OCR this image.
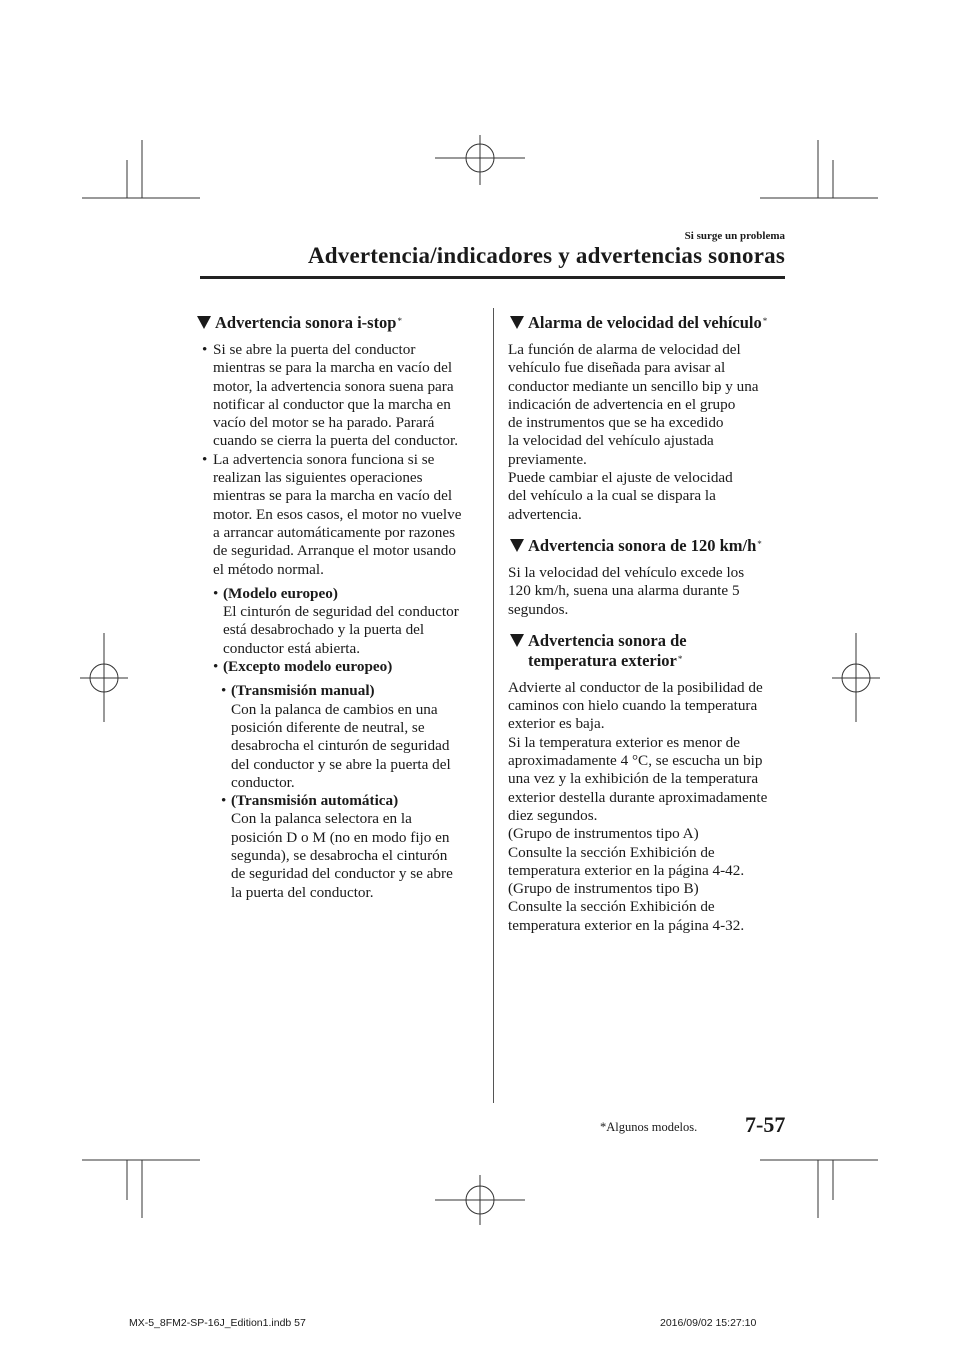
Si surge un problema
Advertencia/indicadores y advertencias sonoras
Advertencia sonora i-stop*
• Si se abre la puerta del conductor
mientras se para la marcha en vacío del
motor, la advertencia sonora suena para
notificar al conductor que la marcha en
vacío del motor se ha parado. Parará
cuando se cierra la puerta del conductor.
• La advertencia sonora funciona si se
realizan las siguientes operaciones
mientras se para la marcha en vacío del
motor. En esos casos, el motor no vuelve
a arrancar automáticamente por razones
de seguridad. Arranque el motor usando
el método normal.
• (Modelo europeo)
El cinturón de seguridad del conductor
está desabrochado y la puerta del
conductor está abierta.
• (Excepto modelo europeo)
• (Transmisión manual)
Con la palanca de cambios en una
posición diferente de neutral, se
desabrocha el cinturón de seguridad
del conductor y se abre la puerta del
conductor.
• (Transmisión automática)
Con la palanca selectora en la
posición D o M (no en modo fijo en
segunda), se desabrocha el cinturón
de seguridad del conductor y se abre
la puerta del conductor.
Alarma de velocidad del vehículo*

La función de alarma de velocidad del
vehículo fue diseñada para avisar al
conductor mediante un sencillo bip y una
indicación de advertencia en el grupo
de instrumentos que se ha excedido
la velocidad del vehículo ajustada
previamente.
Puede cambiar el ajuste de velocidad
del vehículo a la cual se dispara la
advertencia.

Advertencia sonora de 120 km/h*

Si la velocidad del vehículo excede los
120 km/h, suena una alarma durante 5
segundos.

Advertencia sonora de
temperatura exterior*

Advierte al conductor de la posibilidad de
caminos con hielo cuando la temperatura
exterior es baja.
Si la temperatura exterior es menor de
aproximadamente 4 °C, se escucha un bip
una vez y la exhibición de la temperatura
exterior destella durante aproximadamente
diez segundos.
(Grupo de instrumentos tipo A)
Consulte la sección Exhibición de
temperatura exterior en la página 4-42.
(Grupo de instrumentos tipo B)
Consulte la sección Exhibición de
temperatura exterior en la página 4-32.

*Algunos modelos. 7-57
MX-5_8FM2-SP-16J_Edition1.indb 57	2016/09/02 15:27:10
